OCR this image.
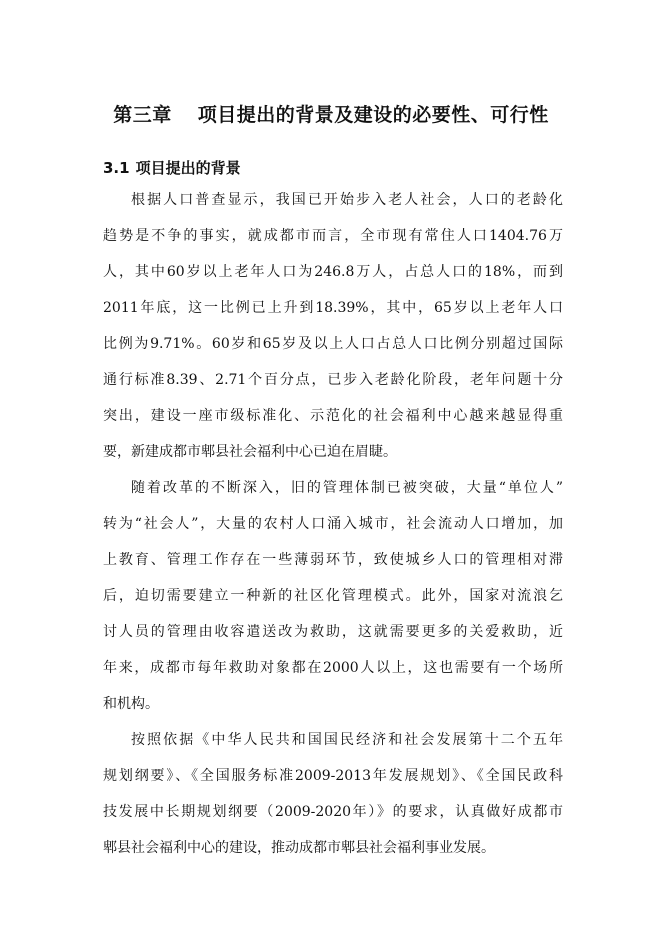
第三章 项目提出的背景及建设的必要性、可行性
3.1 项目提出的背景
根据人口普查显示，我国已开始步入老人社会，人口的老龄化
趋势是不争的事实，就成都市而言，全市现有常住人口1404.76万
人，其中60岁以上老年人口为246.8万人，占总人口的18%，而到
2011年底，这一比例已上升到18.39%，其中，65岁以上老年人口
比例为9.71%。60岁和65岁及以上人口占总人口比例分别超过国际
通行标准8.39、2.71个百分点，已步入老龄化阶段，老年问题十分
突出，建设一座市级标准化、示范化的社会福利中心越来越显得重
要，新建成都市郫县社会福利中心已迫在眉睫。
随着改革的不断深入，旧的管理体制已被突破，大量“单位人”
转为“社会人”，大量的农村人口涌入城市，社会流动人口增加，加
上教育、管理工作存在一些薄弱环节，致使城乡人口的管理相对滞
后，迫切需要建立一种新的社区化管理模式。此外，国家对流浪乞
讨人员的管理由收容遣送改为救助，这就需要更多的关爱救助，近
年来，成都市每年救助对象都在2000人以上，这也需要有一个场所
和机构。
按照依据《中华人民共和国国民经济和社会发展第十二个五年
规划纲要》、《全国服务标准2009-2013年发展规划》、《全国民政科
技发展中长期规划纲要（2009-2020年）》的要求，认真做好成都市
郫县社会福利中心的建设，推动成都市郫县社会福利事业发展。
